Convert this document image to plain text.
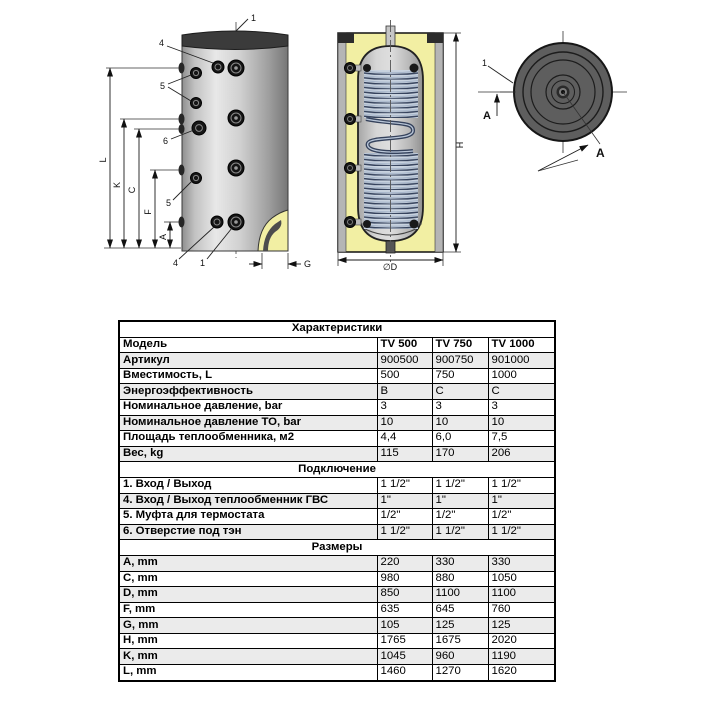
L
K
C
F
A
G
1
4
5
6
5
4 1
H
∅D
1
A
A
Характеристики			
Модель	TV 500	TV 750	TV 1000
Артикул	900500	900750	901000
Вместимость, L	500	750	1000
Энергоэффективность	B	C	C
Номинальное давление, bar	3	3	3
Номинальное давление ТО, bar	10	10	10
Площадь теплообменника, м2	4,4	6,0	7,5
Вес, kg	115	170	206
Подключение			
1. Вход / Выход	1 1/2"	1 1/2"	1 1/2"
4. Вход / Выход теплообменник ГВС	1"	1"	1"
5. Муфта для термостата	1/2"	1/2"	1/2"
6. Отверстие под тэн	1 1/2"	1 1/2"	1 1/2"
Размеры			
A, mm	220	330	330
C, mm	980	880	1050
D, mm	850	1100	1100
F, mm	635	645	760
G, mm	105	125	125
H, mm	1765	1675	2020
K, mm	1045	960	1190
L, mm	1460	1270	1620
